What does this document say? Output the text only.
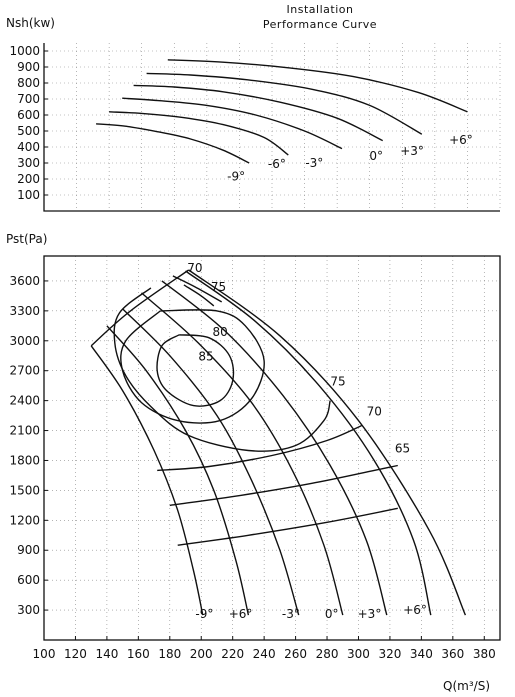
Installation
Performance Curve
100
200
300
400
500
600
700
800
900
1000
Nsh(kw)
-9°
-6° -3°
0° +3°
+6°
300
600
900
1200
1500
1800
2100
2400
2700
3000
3300
3600
100 120 140 160 180 200 220 240 260 280 300 320 340 360 380
Pst(Pa)
Q(m³/S)
-9° +6° -3° 0° +3° +6°
85
80
75
70
75
70
65
